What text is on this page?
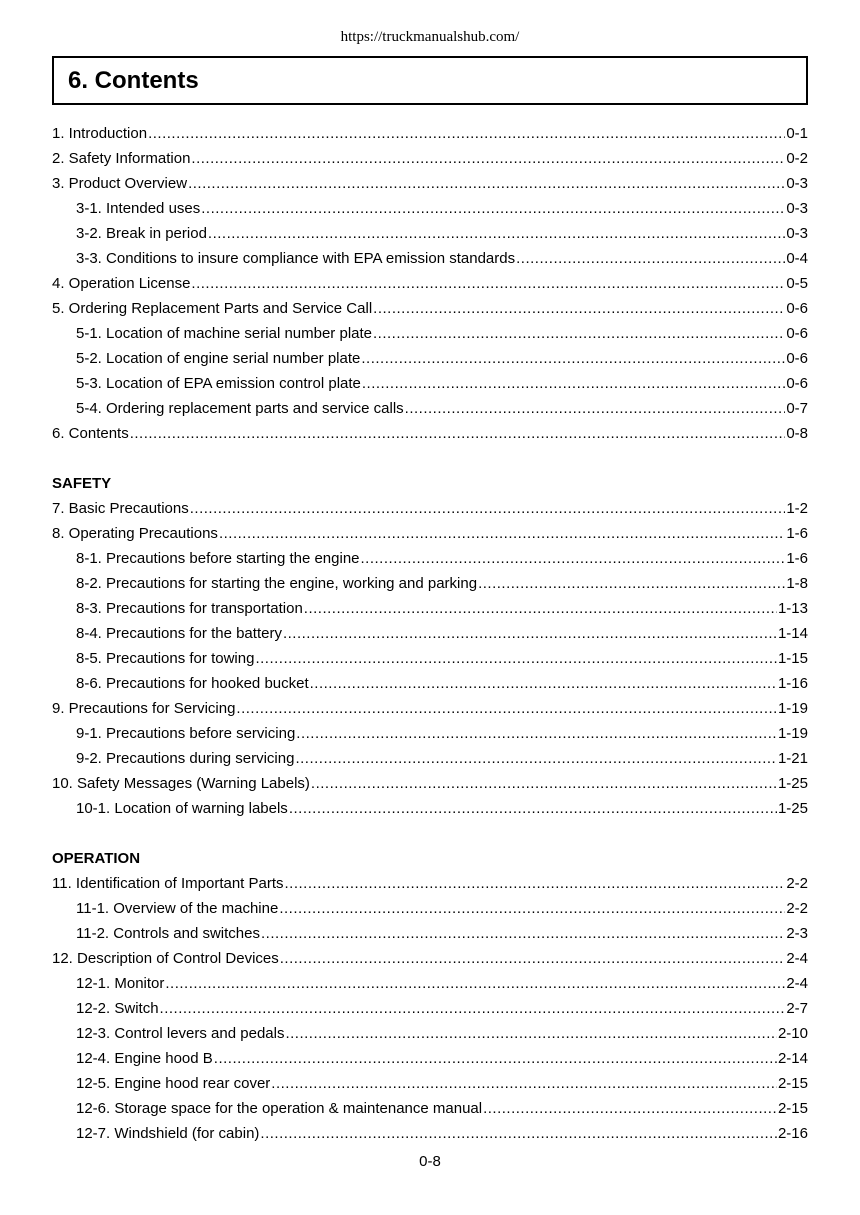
https://truckmanualshub.com/
6. Contents
1. Introduction .....	0-1
2. Safety Information .....	0-2
3. Product Overview .....	0-3
3-1. Intended uses .....	0-3
3-2. Break in period .....	0-3
3-3. Conditions to insure compliance with EPA emission standards .....	0-4
4. Operation License .....	0-5
5. Ordering Replacement Parts and Service Call .....	0-6
5-1. Location of machine serial number plate .....	0-6
5-2. Location of engine serial number plate .....	0-6
5-3. Location of EPA emission control plate .....	0-6
5-4. Ordering replacement parts and service calls .....	0-7
6. Contents .....	0-8
SAFETY
7. Basic Precautions .....	1-2
8. Operating Precautions .....	1-6
8-1. Precautions before starting the engine .....	1-6
8-2. Precautions for starting the engine, working and parking .....	1-8
8-3. Precautions for transportation .....	1-13
8-4. Precautions for the battery .....	1-14
8-5. Precautions for towing .....	1-15
8-6. Precautions for hooked bucket .....	1-16
9. Precautions for Servicing .....	1-19
9-1. Precautions before servicing .....	1-19
9-2. Precautions during servicing .....	1-21
10. Safety Messages (Warning Labels) .....	1-25
10-1. Location of warning labels .....	1-25
OPERATION
11. Identification of Important Parts .....	2-2
11-1. Overview of the machine .....	2-2
11-2. Controls and switches .....	2-3
12. Description of Control Devices .....	2-4
12-1. Monitor .....	2-4
12-2. Switch .....	2-7
12-3. Control levers and pedals .....	2-10
12-4. Engine hood B .....	2-14
12-5. Engine hood rear cover .....	2-15
12-6. Storage space for the operation & maintenance manual .....	2-15
12-7. Windshield (for cabin) .....	2-16
0-8
